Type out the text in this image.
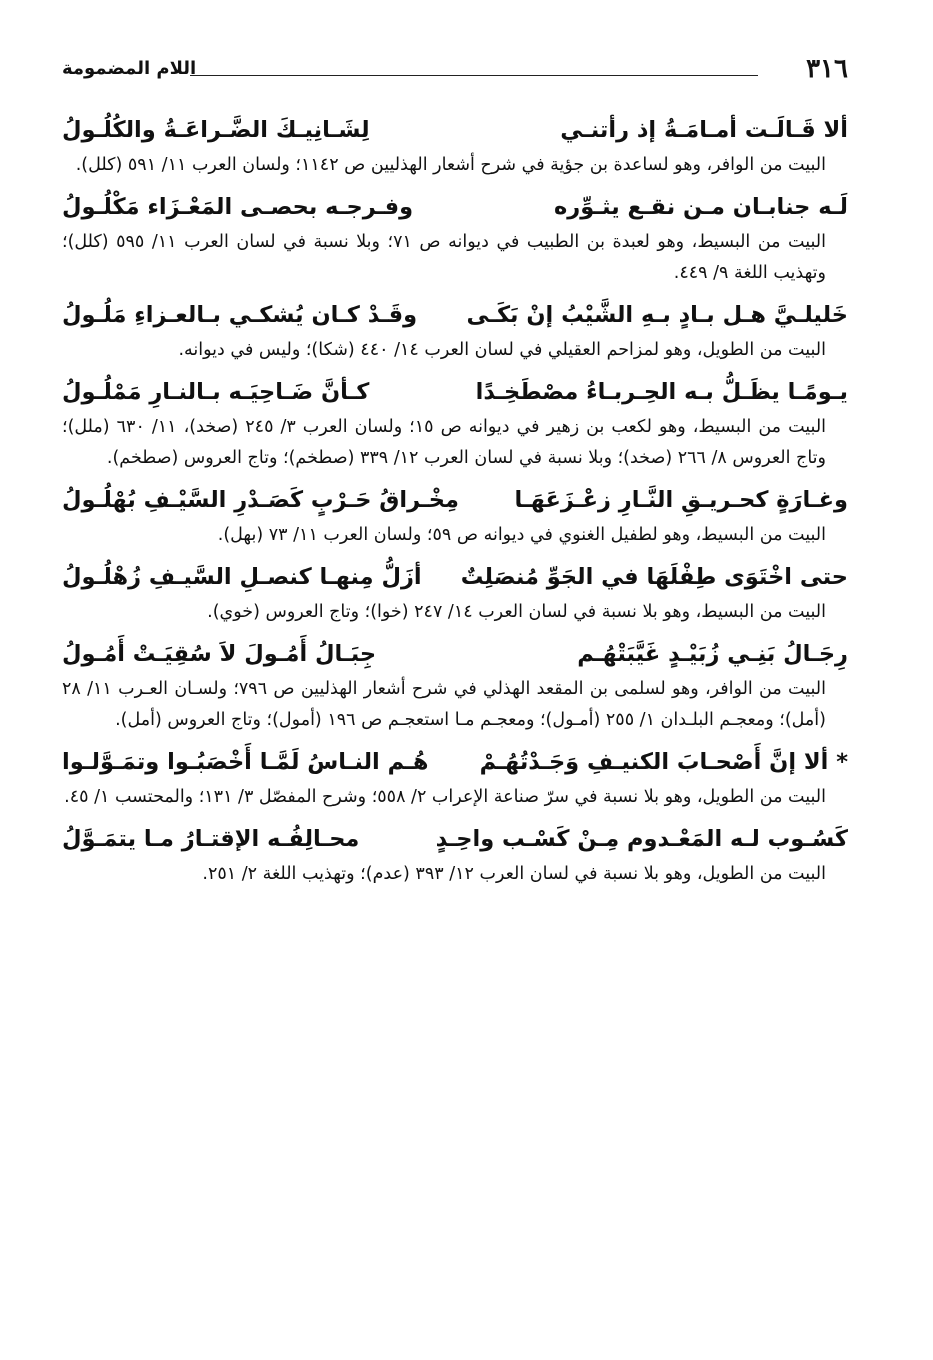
٣١٦
اللام المضمومة
ألا قَـالَـت أمـامَـةُ إذ رأتنـي
لِشَـانِيـكَ الضَّـراعَـةُ والكُلُـولُ
البيت من الوافر، وهو لساعدة بن جؤية في شرح أشعار الهذليين ص ١١٤٢؛ ولسان العرب ١١/ ٥٩١ (كلل).
لَـه جنابـان مـن نقـع يثـوِّره
وفـرجـه بحصـى المَعْـزَاء مَكْلُـولُ
البيت من البسيط، وهو لعبدة بن الطبيب في ديوانه ص ٧١؛ وبلا نسبة في لسان العرب ١١/ ٥٩٥ (كلل)؛ وتهذيب اللغة ٩/ ٤٤٩.
خَليلـيَّ هـل بـادٍ بـهِ الشَّيْبُ إنْ بَكَـى
وقَـدْ كـان يُشكـي بـالعـزاءِ مَلُـولُ
البيت من الطويل، وهو لمزاحم العقيلي في لسان العرب ١٤/ ٤٤٠ (شكا)؛ وليس في ديوانه.
يـومًـا يظَـلُّ بـه الحِـربـاءُ مصْطَخِـدًا
كـأنَّ ضَـاحِيَـه بـالنـارِ مَمْلُـولُ
البيت من البسيط، وهو لكعب بن زهير في ديوانه ص ١٥؛ ولسان العرب ٣/ ٢٤٥ (صخد)، ١١/ ٦٣٠ (ملل)؛ وتاج العروس ٨/ ٢٦٦ (صخد)؛ وبلا نسبة في لسان العرب ١٢/ ٣٣٩ (صطخم)؛ وتاج العروس (صطخم).
وغـارَةٍ كحـريـقِ النَّـارِ زعْـزَعَهَـا
مِخْـراقُ حَـرْبٍ كَصَـدْرِ السَّيْـفِ بُهْلُـولُ
البيت من البسيط، وهو لطفيل الغنوي في ديوانه ص ٥٩؛ ولسان العرب ١١/ ٧٣ (بهل).
حتى اخْتَوَى طِفْلَهَا في الجَوِّ مُنصَلِتٌ
أزَلُّ مِنهـا كنصـلِ السَّيـفِ زُهْلُـولُ
البيت من البسيط، وهو بلا نسبة في لسان العرب ١٤/ ٢٤٧ (خوا)؛ وتاج العروس (خوي).
رِجَـالُ بَنِـي زُبَيْـدٍ غَيَّبَتْهُـم
جِبَـالُ أَمُـولَ لاَ سُقِيَـتْ أَمُـولُ
البيت من الوافر، وهو لسلمى بن المقعد الهذلي في شرح أشعار الهذليين ص ٧٩٦؛ ولسـان العـرب ١١/ ٢٨ (أمل)؛ ومعجـم البلـدان ١/ ٢٥٥ (أمـول)؛ ومعجـم مـا استعجـم ص ١٩٦ (أمول)؛ وتاج العروس (أمل).
* ألا إنَّ أَصْحـابَ الكنيـفِ وَجَـدْتُهُـمْ
هُـم النـاسُ لَمَّـا أَخْصَبُـوا وتمَـوَّلـوا
البيت من الطويل، وهو بلا نسبة في سرّ صناعة الإعراب ٢/ ٥٥٨؛ وشرح المفصّل ٣/ ١٣١؛ والمحتسب ١/ ٤٥.
كَسُـوب لـه المَعْـدوم مِـنْ كَسْـب واحِـدٍ
محـالِفُـه الإقتـارُ مـا يتمَـوَّلُ
البيت من الطويل، وهو بلا نسبة في لسان العرب ١٢/ ٣٩٣ (عدم)؛ وتهذيب اللغة ٢/ ٢٥١.
